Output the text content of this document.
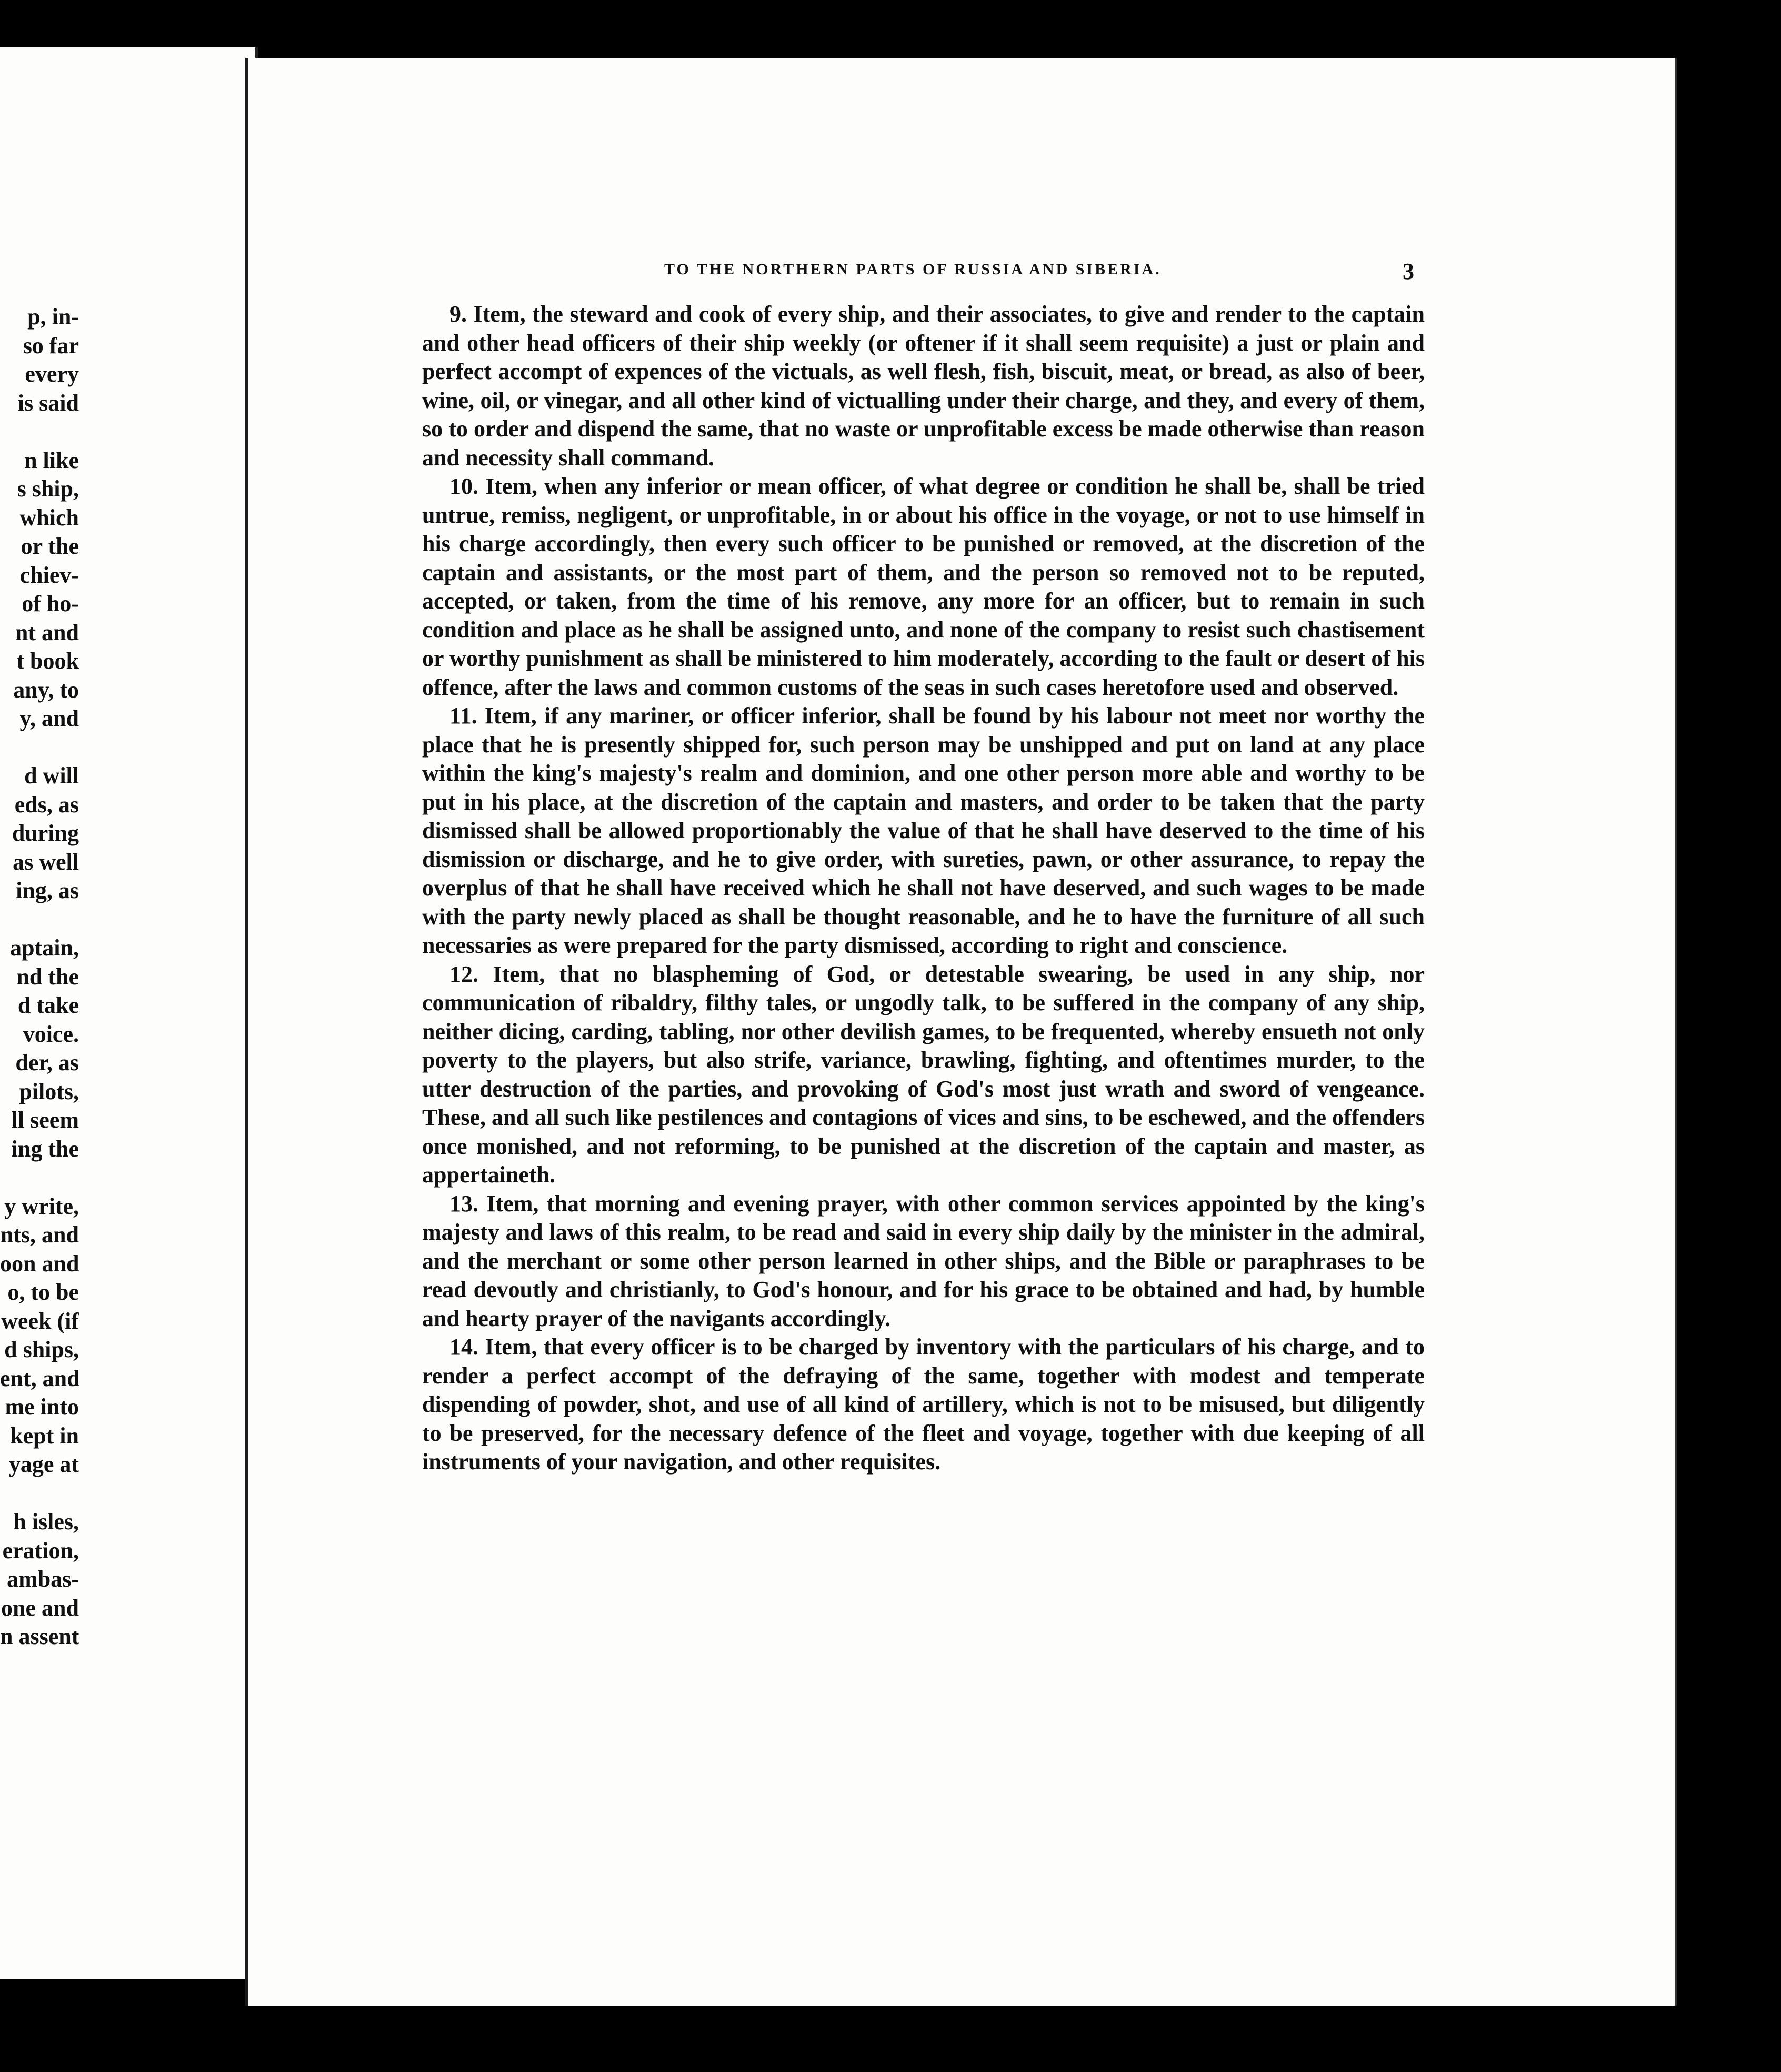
p, in-
so far
every
is said
n like
s ship,
which
or the
chiev-
of ho-
nt and
t book
any, to
y, and
d will
eds, as
during
as well
ing, as
aptain,
nd the
d take
voice.
der, as
pilots,
ll seem
ing the
y write,
nts, and
oon and
o, to be
week (if
d ships,
ent, and
me into
kept in
yage at
h isles,
eration,
ambas-
one and
n assent
TO THE NORTHERN PARTS OF RUSSIA AND SIBERIA.	3

9. Item, the steward and cook of every ship, and their associates, to give and render to the captain and other head officers of their ship weekly (or oftener if it shall seem requisite) a just or plain and perfect accompt of expences of the victuals, as well flesh, fish, biscuit, meat, or bread, as also of beer, wine, oil, or vinegar, and all other kind of victualling under their charge, and they, and every of them, so to order and dispend the same, that no waste or unprofitable excess be made otherwise than reason and necessity shall command.

10. Item, when any inferior or mean officer, of what degree or condition he shall be, shall be tried untrue, remiss, negligent, or unprofitable, in or about his office in the voyage, or not to use himself in his charge accordingly, then every such officer to be punished or removed, at the discretion of the captain and assistants, or the most part of them, and the person so removed not to be reputed, accepted, or taken, from the time of his remove, any more for an officer, but to remain in such condition and place as he shall be assigned unto, and none of the company to resist such chastisement or worthy punishment as shall be ministered to him moderately, according to the fault or desert of his offence, after the laws and common customs of the seas in such cases heretofore used and observed.

11. Item, if any mariner, or officer inferior, shall be found by his labour not meet nor worthy the place that he is presently shipped for, such person may be unshipped and put on land at any place within the king's majesty's realm and dominion, and one other person more able and worthy to be put in his place, at the discretion of the captain and masters, and order to be taken that the party dismissed shall be allowed proportionably the value of that he shall have deserved to the time of his dismission or discharge, and he to give order, with sureties, pawn, or other assurance, to repay the overplus of that he shall have received which he shall not have deserved, and such wages to be made with the party newly placed as shall be thought reasonable, and he to have the furniture of all such necessaries as were prepared for the party dismissed, according to right and conscience.

12. Item, that no blaspheming of God, or detestable swearing, be used in any ship, nor communication of ribaldry, filthy tales, or ungodly talk, to be suffered in the company of any ship, neither dicing, carding, tabling, nor other devilish games, to be frequented, whereby ensueth not only poverty to the players, but also strife, variance, brawling, fighting, and oftentimes murder, to the utter destruction of the parties, and provoking of God's most just wrath and sword of vengeance. These, and all such like pestilences and contagions of vices and sins, to be eschewed, and the offenders once monished, and not reforming, to be punished at the discretion of the captain and master, as appertaineth.

13. Item, that morning and evening prayer, with other common services appointed by the king's majesty and laws of this realm, to be read and said in every ship daily by the minister in the admiral, and the merchant or some other person learned in other ships, and the Bible or paraphrases to be read devoutly and christianly, to God's honour, and for his grace to be obtained and had, by humble and hearty prayer of the navigants accordingly.

14. Item, that every officer is to be charged by inventory with the particulars of his charge, and to render a perfect accompt of the defraying of the same, together with modest and temperate dispending of powder, shot, and use of all kind of artillery, which is not to be misused, but diligently to be preserved, for the necessary defence of the fleet and voyage, together with due keeping of all instruments of your navigation, and other requisites.
